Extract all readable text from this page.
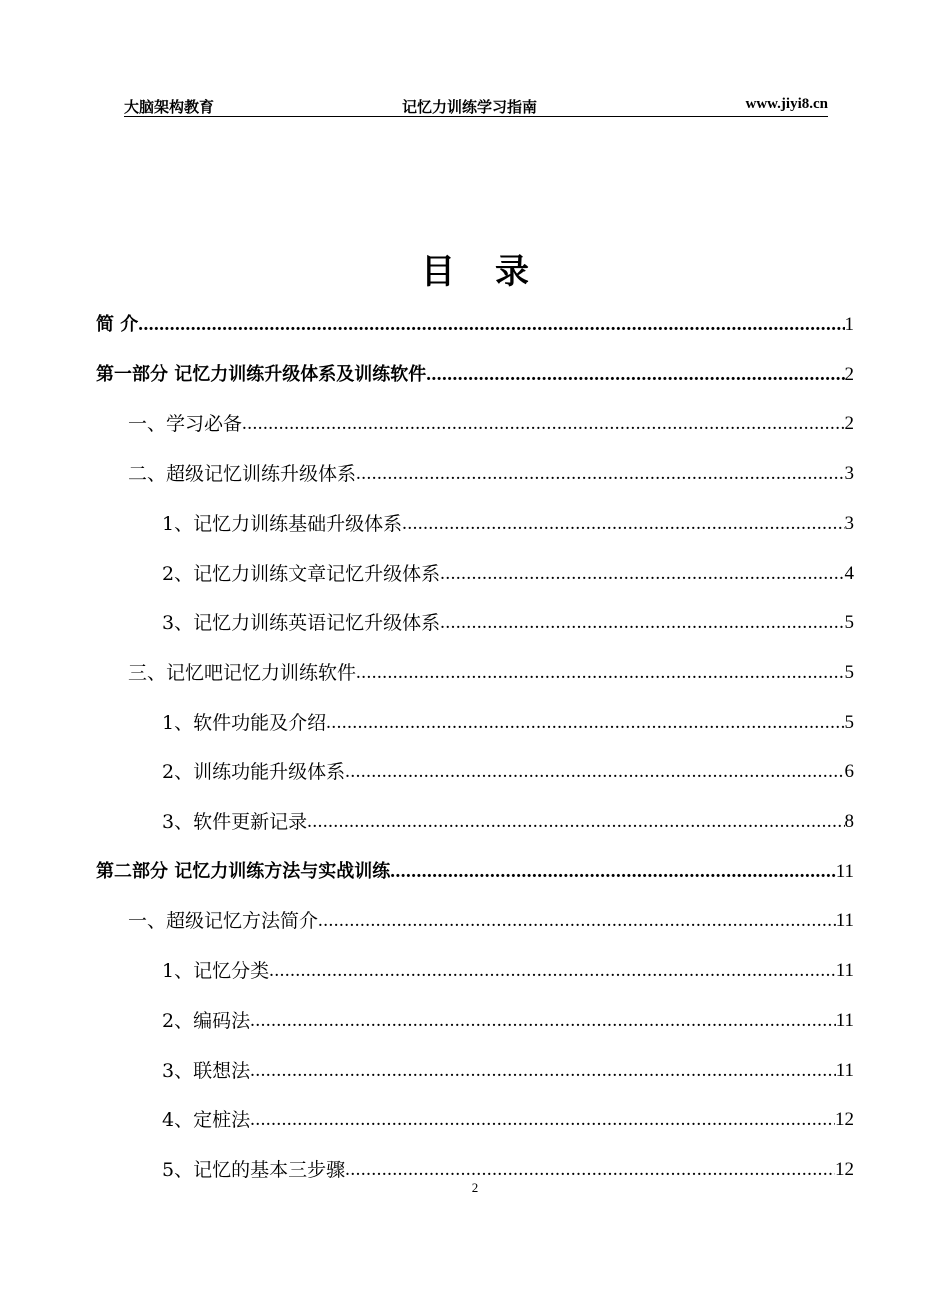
大脑架构教育	记忆力训练学习指南	www.jiyi8.cn
目录
简 介 .....	1
第一部分 记忆力训练升级体系及训练软件 .....	2
一、学习必备 .....	2
二、超级记忆训练升级体系 .....	3
1、记忆力训练基础升级体系 .....	3
2、记忆力训练文章记忆升级体系 .....	4
3、记忆力训练英语记忆升级体系 .....	5
三、记忆吧记忆力训练软件 .....	5
1、软件功能及介绍 .....	5
2、训练功能升级体系 .....	6
3、软件更新记录 .....	8
第二部分 记忆力训练方法与实战训练 .....	11
一、超级记忆方法简介 .....	11
1、记忆分类 .....	11
2、编码法 .....	11
3、联想法 .....	11
4、定桩法 .....	12
5、记忆的基本三步骤 .....	12
2
